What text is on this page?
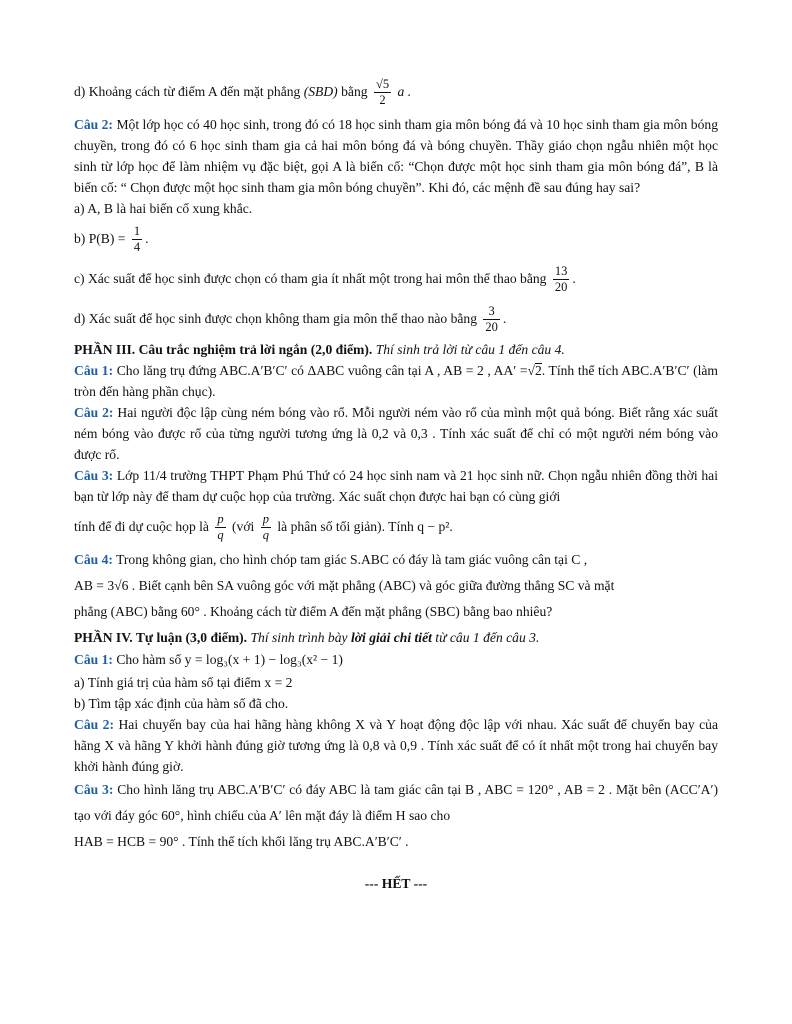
d) Khoảng cách từ điểm A đến mặt phẳng (SBD) bằng $\frac{√5}{2}$ a .

Câu 2: Một lớp học có 40 học sinh, trong đó có 18 học sinh tham gia môn bóng đá và 10 học sinh tham gia môn bóng chuyền, trong đó có 6 học sinh tham gia cả hai môn bóng đá và bóng chuyền. Thầy giáo chọn ngẫu nhiên một học sinh từ lớp học để làm nhiệm vụ đặc biệt, gọi A là biến cố: “Chọn được một học sinh tham gia môn bóng đá”, B là biến cố: “ Chọn được một học sinh tham gia môn bóng chuyền”. Khi đó, các mệnh đề sau đúng hay sai?

a) A, B là hai biến cố xung khắc.

b) $P(B) = \frac{1}{4}$ .

c) Xác suất để học sinh được chọn có tham gia ít nhất một trong hai môn thể thao bằng $\frac{13}{20}$ .

d) Xác suất để học sinh được chọn không tham gia môn thể thao nào bằng $\frac{3}{20}$ .

PHẦN III. Câu trắc nghiệm trả lời ngắn (2,0 điểm). Thí sinh trả lời từ câu 1 đến câu 4.

Câu 1: Cho lăng trụ đứng ABC.A′B′C′ có ΔABC vuông cân tại A , AB = 2 , AA′ =√2. Tính thể tích ABC.A′B′C′ (làm tròn đến hàng phần chục).

Câu 2: Hai người độc lập cùng ném bóng vào rổ. Mỗi người ném vào rổ của mình một quả bóng. Biết rằng xác suất ném bóng vào được rổ của từng người tương ứng là 0,2 và 0,3 . Tính xác suất để chỉ có một người ném bóng vào được rổ.

Câu 3: Lớp 11/4 trường THPT Phạm Phú Thứ có 24 học sinh nam và 21 học sinh nữ. Chọn ngẫu nhiên đồng thời hai bạn từ lớp này để tham dự cuộc họp của trường. Xác suất chọn được hai bạn có cùng giới

tính để đi dự cuộc họp là $\frac{p}{q}$ (với $\frac{p}{q}$ là phân số tối giản). Tính q − p².

Câu 4: Trong không gian, cho hình chóp tam giác S.ABC có đáy là tam giác vuông cân tại C ,

AB = 3√6 . Biết cạnh bên SA vuông góc với mặt phẳng (ABC) và góc giữa đường thẳng SC và mặt

phẳng (ABC) bằng 60° . Khoảng cách từ điểm A đến mặt phẳng (SBC) bằng bao nhiêu?

PHẦN IV. Tự luận (3,0 điểm). Thí sinh trình bày lời giải chi tiết từ câu 1 đến câu 3.

Câu 1: Cho hàm số y = log₃(x + 1) − log₃(x² − 1)

a) Tính giá trị của hàm số tại điểm x = 2

b) Tìm tập xác định của hàm số đã cho.

Câu 2: Hai chuyến bay của hai hãng hàng không X và Y hoạt động độc lập với nhau. Xác suất để chuyến bay của hãng X và hãng Y khởi hành đúng giờ tương ứng là 0,8 và 0,9 . Tính xác suất để có ít nhất một trong hai chuyến bay khởi hành đúng giờ.

Câu 3: Cho hình lăng trụ ABC.A′B′C′ có đáy ABC là tam giác cân tại B , ABC = 120° , AB = 2 . Mặt bên (ACC′A′) tạo với đáy góc 60°, hình chiếu của A′ lên mặt đáy là điểm H sao cho

HAB = HCB = 90° . Tính thể tích khối lăng trụ ABC.A′B′C′ .

--- HẾT ---
